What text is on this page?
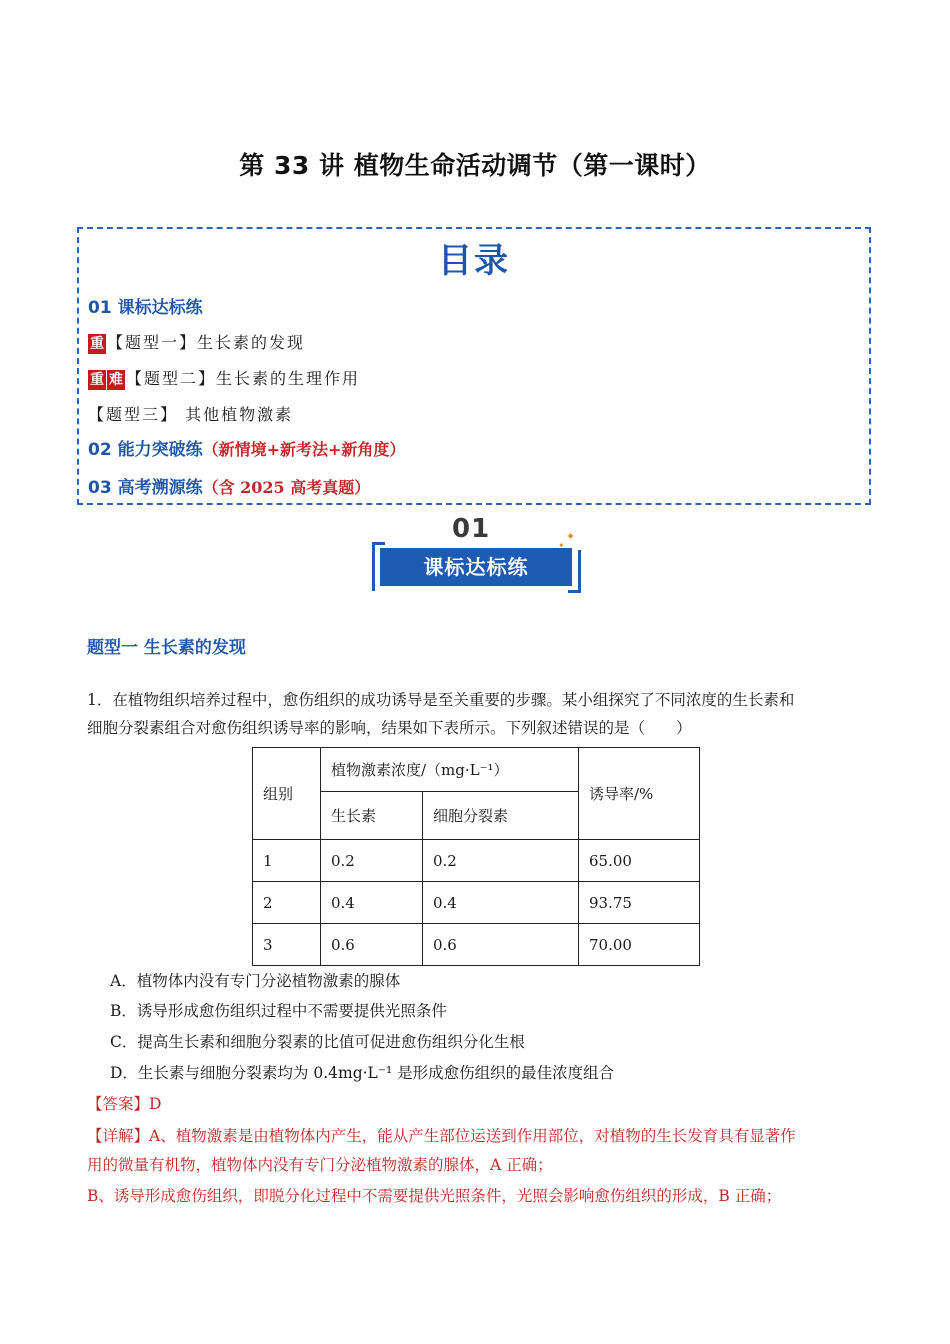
第 33 讲 植物生命活动调节（第一课时）
目录
01 课标达标练
重 【题型一】生长素的发现
重 难 【题型二】生长素的生理作用
【题型三】 其他植物激素
02 能力突破练（新情境+新考法+新角度）
03 高考溯源练（含 2025 高考真题）
01
课标达标练
✦
✦
题型一 生长素的发现
1．在植物组织培养过程中，愈伤组织的成功诱导是至关重要的步骤。某小组探究了不同浓度的生长素和
细胞分裂素组合对愈伤组织诱导率的影响，结果如下表所示。下列叙述错误的是（　　）
组别	植物激素浓度/（mg·L⁻¹）		诱导率/%
	生长素	细胞分裂素	
1	0.2	0.2	65.00
2	0.4	0.4	93.75
3	0.6	0.6	70.00
A．植物体内没有专门分泌植物激素的腺体
B．诱导形成愈伤组织过程中不需要提供光照条件
C．提高生长素和细胞分裂素的比值可促进愈伤组织分化生根
D．生长素与细胞分裂素均为 0.4mg·L⁻¹ 是形成愈伤组织的最佳浓度组合
【答案】D
【详解】A、植物激素是由植物体内产生，能从产生部位运送到作用部位，对植物的生长发育具有显著作
用的微量有机物，植物体内没有专门分泌植物激素的腺体，A 正确；
B、诱导形成愈伤组织，即脱分化过程中不需要提供光照条件，光照会影响愈伤组织的形成，B 正确；
